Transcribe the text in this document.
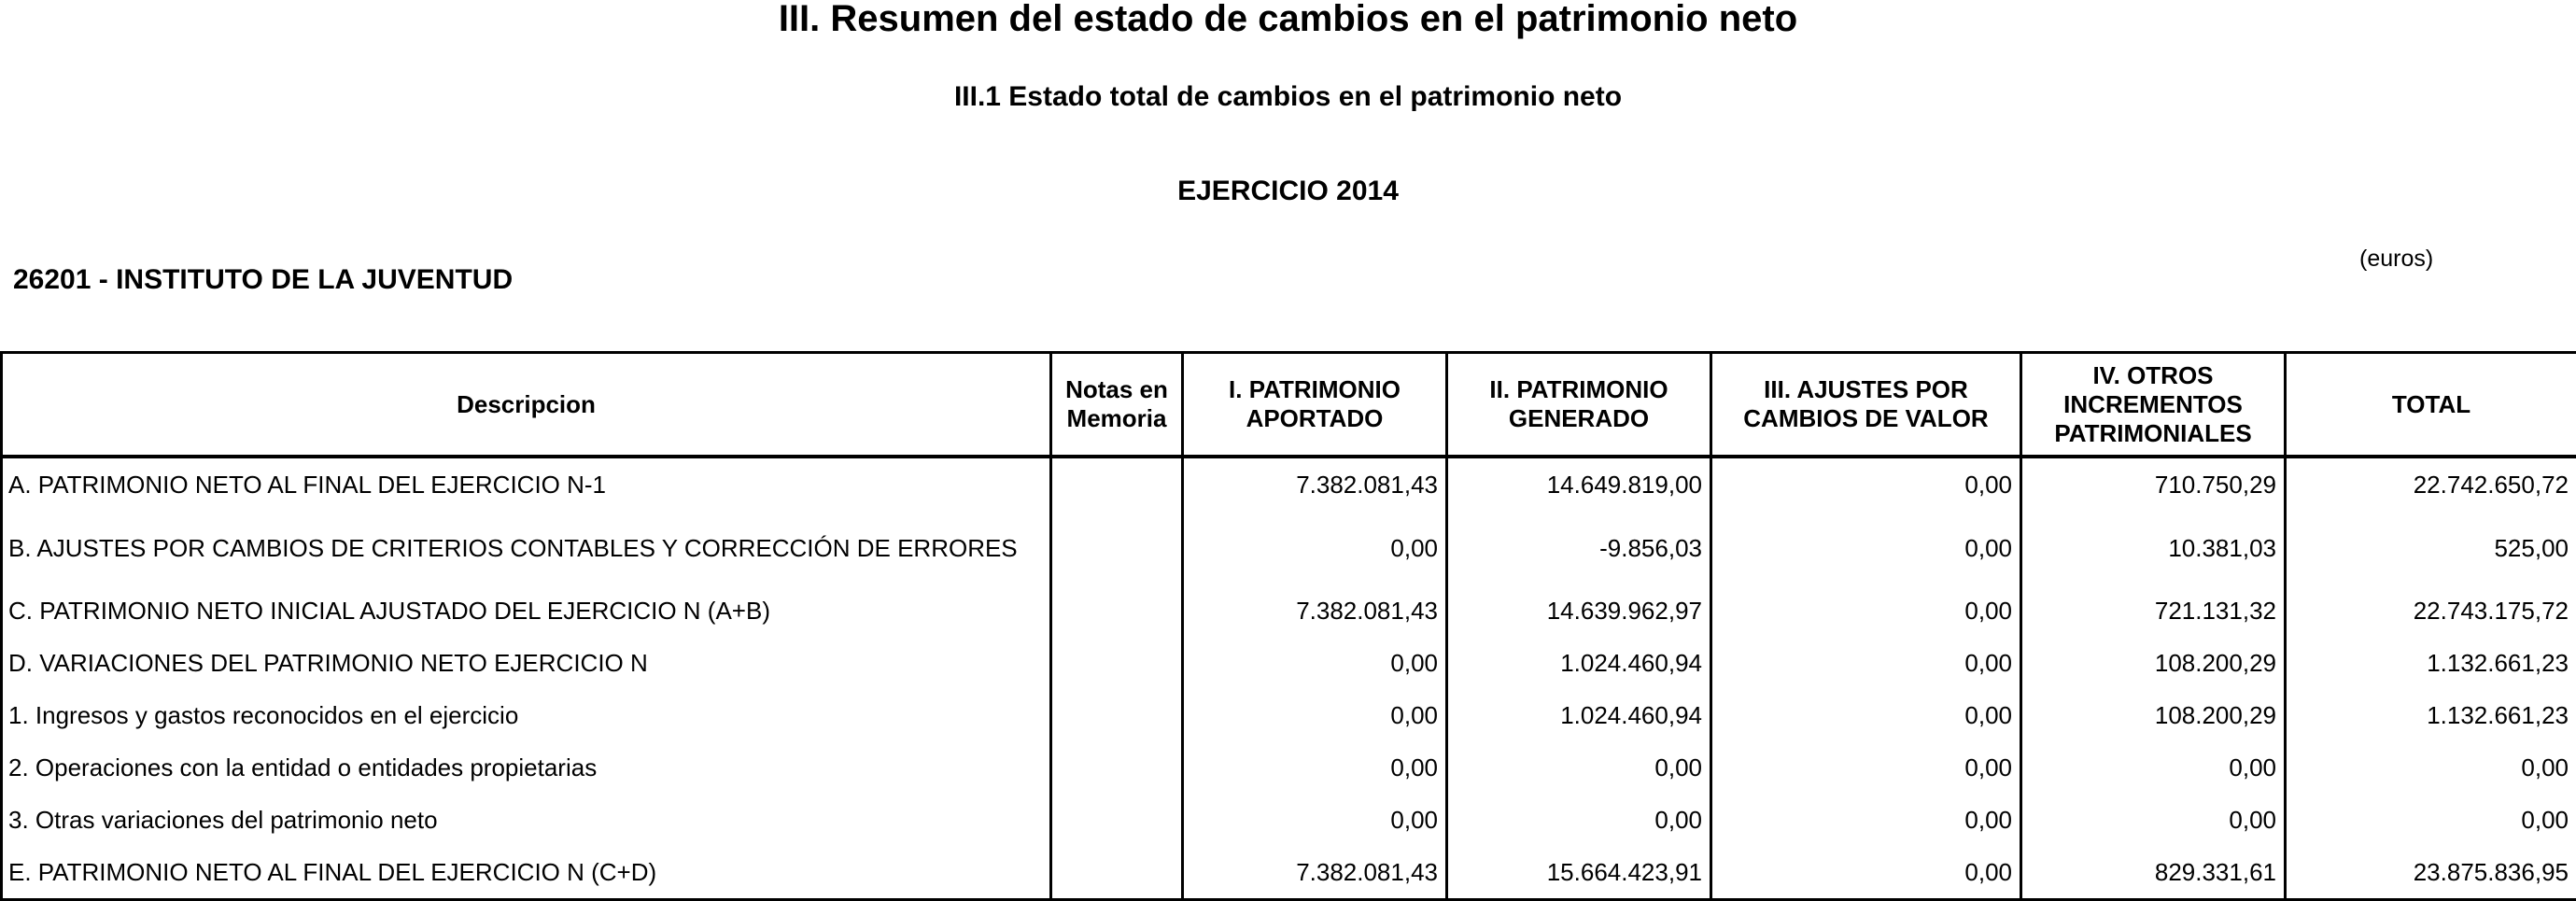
III. Resumen del estado de cambios en el patrimonio neto
III.1 Estado total de cambios en el patrimonio neto
EJERCICIO 2014
(euros)
26201 - INSTITUTO DE LA JUVENTUD
Descripcion	Notas en Memoria	I. PATRIMONIO APORTADO	II. PATRIMONIO GENERADO	III. AJUSTES POR CAMBIOS DE VALOR	IV. OTROS INCREMENTOS PATRIMONIALES	TOTAL
A. PATRIMONIO NETO AL FINAL DEL EJERCICIO N-1		7.382.081,43	14.649.819,00	0,00	710.750,29	22.742.650,72
B. AJUSTES POR CAMBIOS DE CRITERIOS CONTABLES Y CORRECCIÓN DE ERRORES		0,00	-9.856,03	0,00	10.381,03	525,00
C. PATRIMONIO NETO INICIAL AJUSTADO DEL EJERCICIO N (A+B)		7.382.081,43	14.639.962,97	0,00	721.131,32	22.743.175,72
D. VARIACIONES DEL PATRIMONIO NETO EJERCICIO N		0,00	1.024.460,94	0,00	108.200,29	1.132.661,23
1. Ingresos y gastos reconocidos en el ejercicio		0,00	1.024.460,94	0,00	108.200,29	1.132.661,23
2. Operaciones con la entidad o entidades propietarias		0,00	0,00	0,00	0,00	0,00
3. Otras variaciones del patrimonio neto		0,00	0,00	0,00	0,00	0,00
E. PATRIMONIO NETO AL FINAL DEL EJERCICIO N (C+D)		7.382.081,43	15.664.423,91	0,00	829.331,61	23.875.836,95
